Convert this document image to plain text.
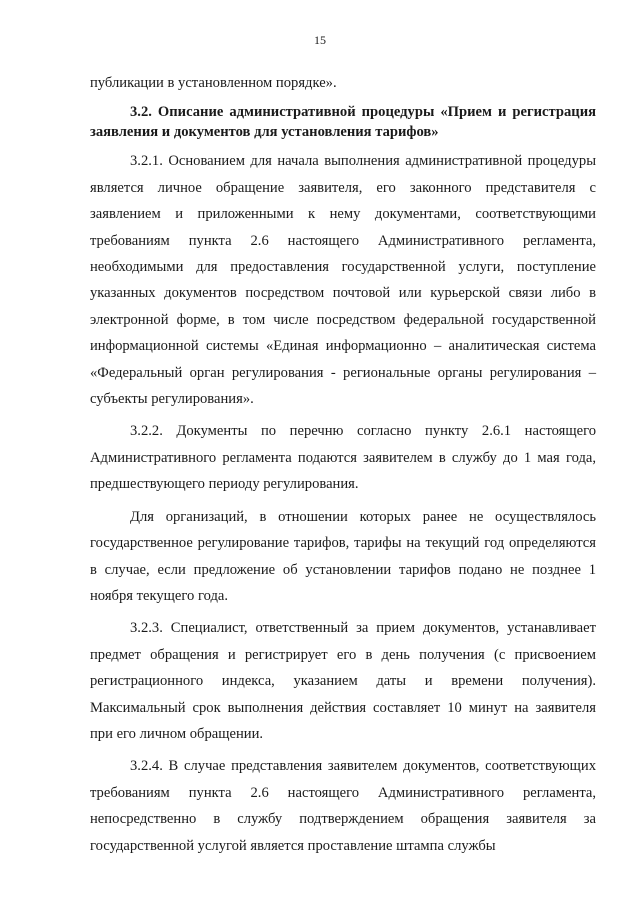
15

публикации в установленном порядке».

3.2. Описание административной процедуры «Прием и регистрация заявления и документов для установления тарифов»

3.2.1. Основанием для начала выполнения административной процедуры является личное обращение заявителя, его законного представителя с заявлением и приложенными к нему документами, соответствующими требованиям пункта 2.6 настоящего Административного регламента, необходимыми для предоставления государственной услуги, поступление указанных документов посредством почтовой или курьерской связи либо в электронной форме, в том числе посредством федеральной государственной информационной системы «Единая информационно – аналитическая система «Федеральный орган регулирования - региональные органы регулирования – субъекты регулирования».

3.2.2. Документы по перечню согласно пункту 2.6.1 настоящего Административного регламента подаются заявителем в службу до 1 мая года, предшествующего периоду регулирования.

Для организаций, в отношении которых ранее не осуществлялось государственное регулирование тарифов, тарифы на текущий год определяются в случае, если предложение об установлении тарифов подано не позднее 1 ноября текущего года.

3.2.3. Специалист, ответственный за прием документов, устанавливает предмет обращения и регистрирует его в день получения (с присвоением регистрационного индекса, указанием даты и времени получения). Максимальный срок выполнения действия составляет 10 минут на заявителя при его личном обращении.

3.2.4. В случае представления заявителем документов, соответствующих требованиям пункта 2.6 настоящего Административного регламента, непосредственно в службу подтверждением обращения заявителя за государственной услугой является проставление штампа службы
